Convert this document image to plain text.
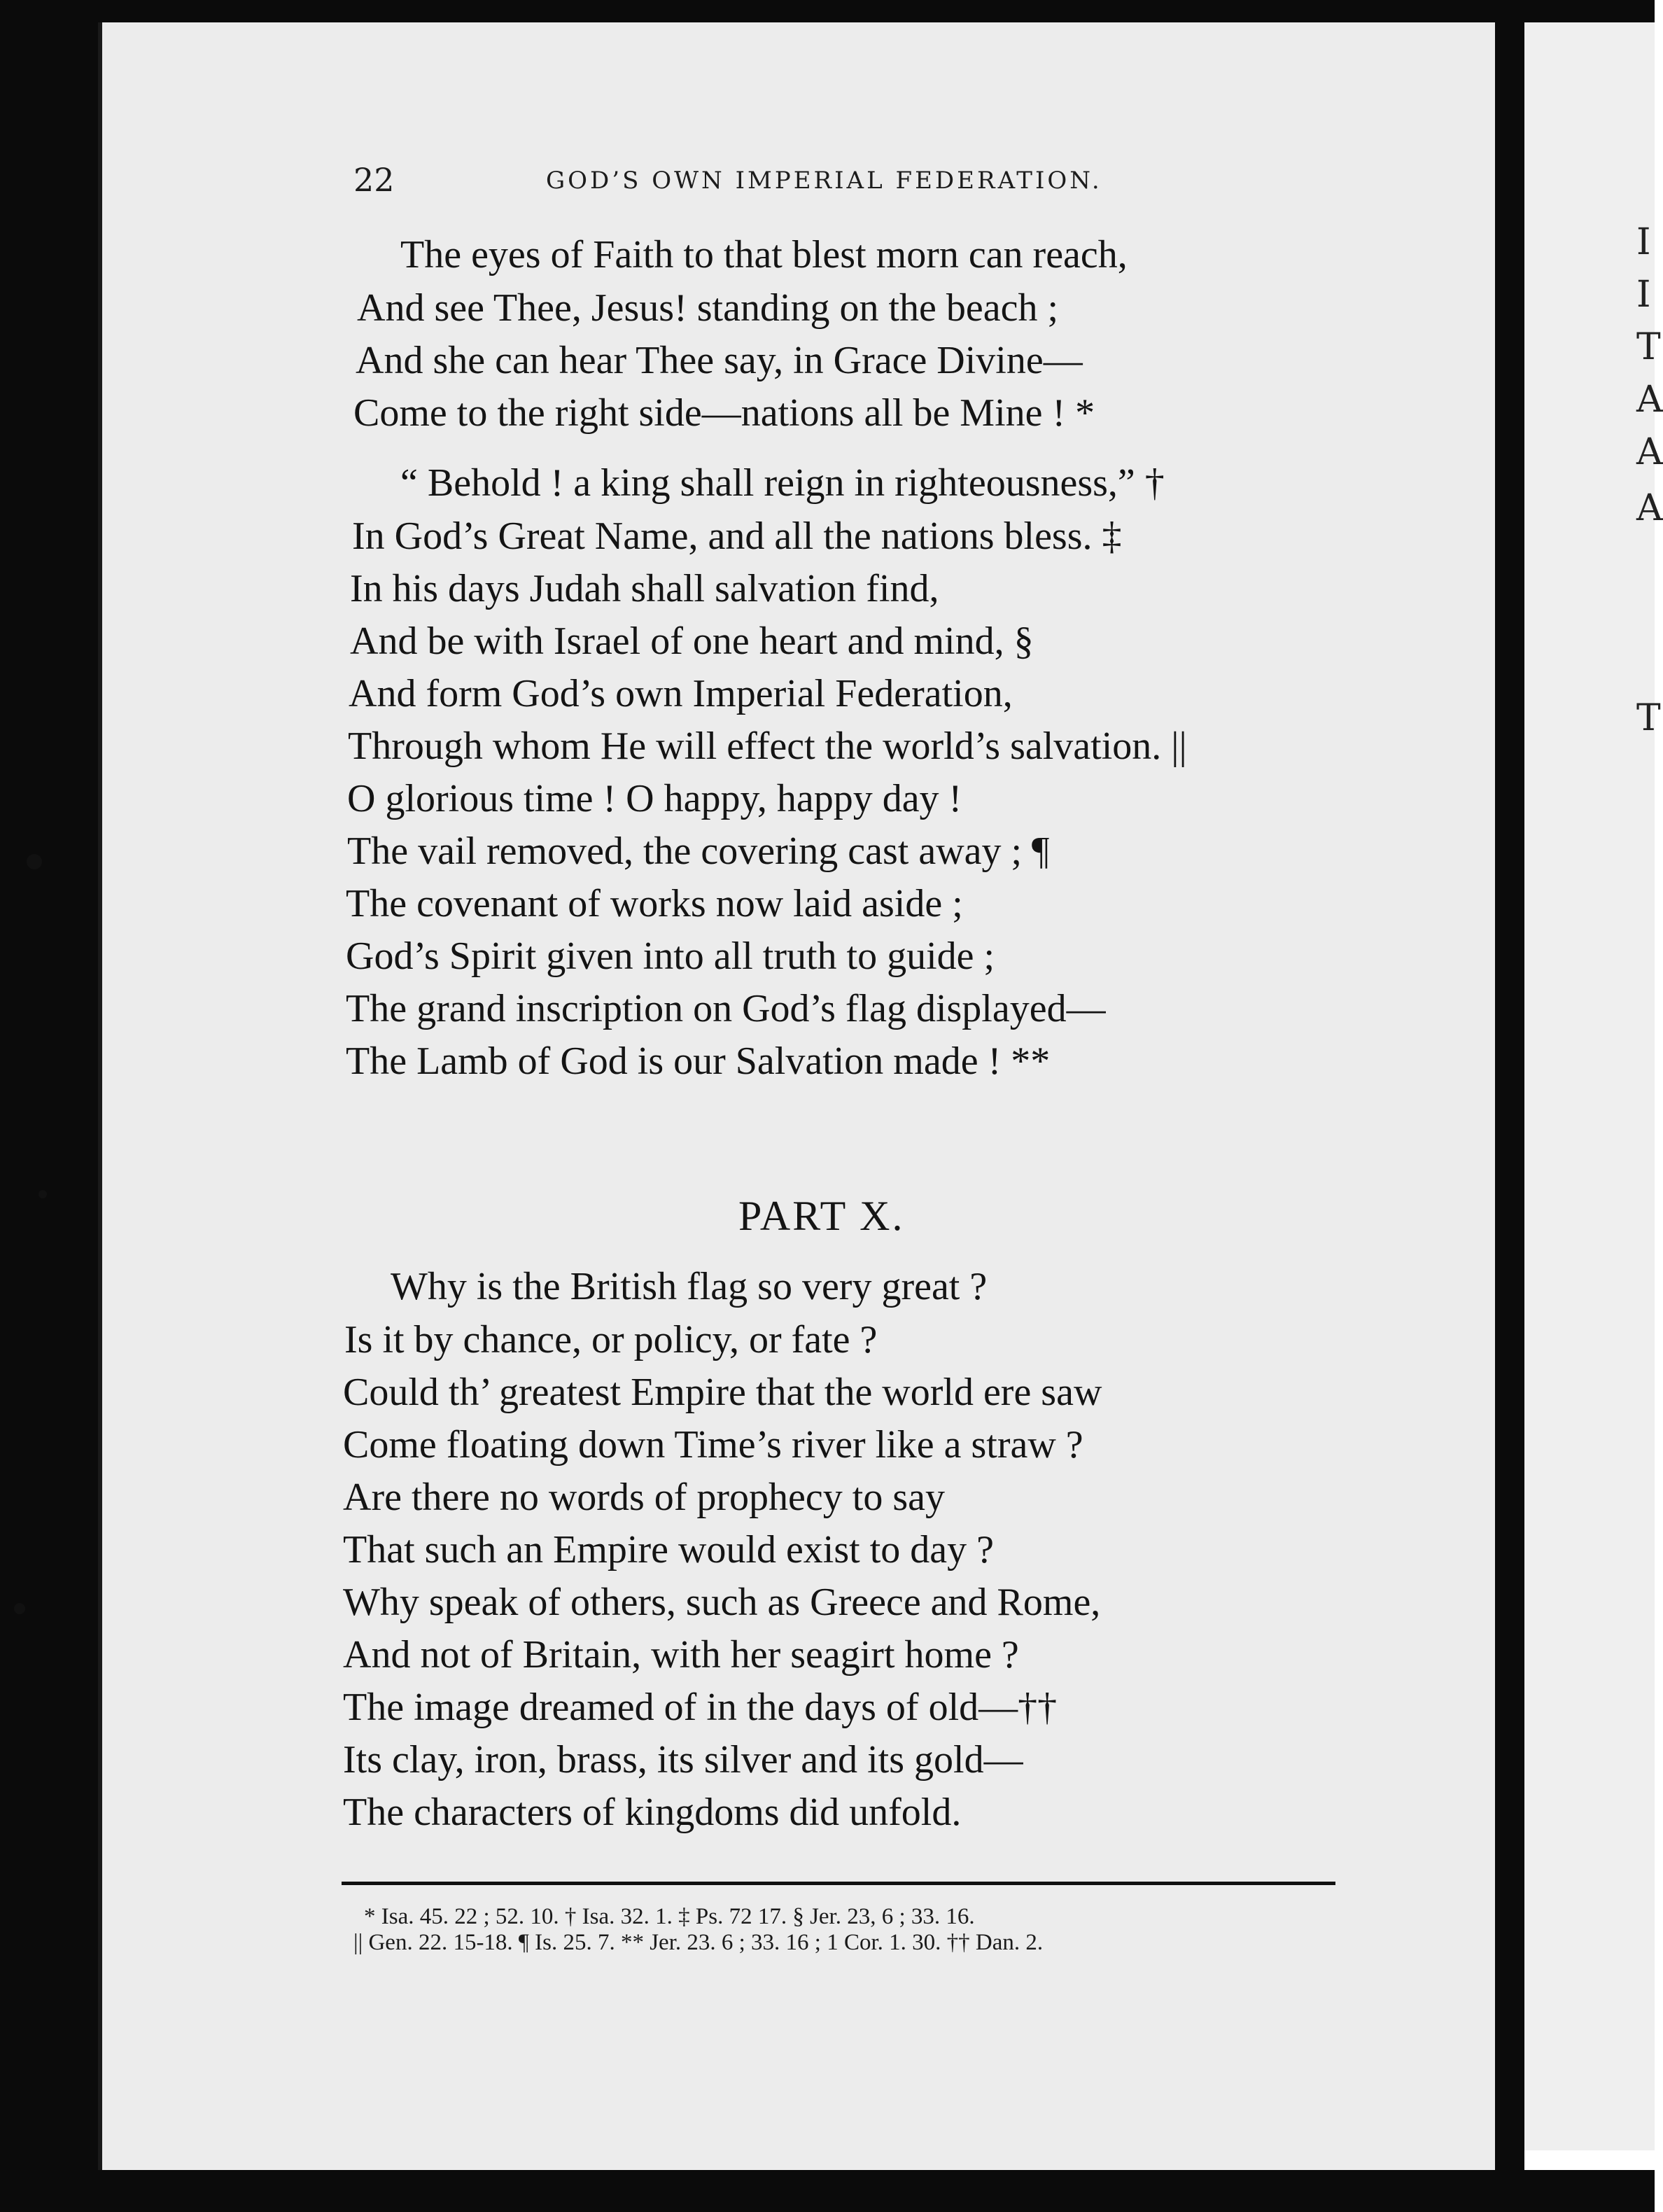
I
I
T
A
A
A
T
22	GOD’S OWN IMPERIAL FEDERATION.
The eyes of Faith to that blest morn can reach,
And see Thee, Jesus! standing on the beach ;
And she can hear Thee say, in Grace Divine—
Come to the right side—nations all be Mine ! *
“ Behold ! a king shall reign in righteousness,” †
In God’s Great Name, and all the nations bless. ‡
In his days Judah shall salvation find,
And be with Israel of one heart and mind, §
And form God’s own Imperial Federation,
Through whom He will effect the world’s salvation. ||
O glorious time ! O happy, happy day !
The vail removed, the covering cast away ; ¶
The covenant of works now laid aside ;
God’s Spirit given into all truth to guide ;
The grand inscription on God’s flag displayed—
The Lamb of God is our Salvation made ! **
PART X.
Why is the British flag so very great ?
Is it by chance, or policy, or fate ?
Could th’ greatest Empire that the world ere saw
Come floating down Time’s river like a straw ?
Are there no words of prophecy to say
That such an Empire would exist to day ?
Why speak of others, such as Greece and Rome,
And not of Britain, with her seagirt home ?
The image dreamed of in the days of old—††
Its clay, iron, brass, its silver and its gold—
The characters of kingdoms did unfold.
* Isa. 45. 22 ; 52. 10. † Isa. 32. 1. ‡ Ps. 72 17. § Jer. 23, 6 ; 33. 16.
|| Gen. 22. 15-18. ¶ Is. 25. 7. ** Jer. 23. 6 ; 33. 16 ; 1 Cor. 1. 30. †† Dan. 2.
